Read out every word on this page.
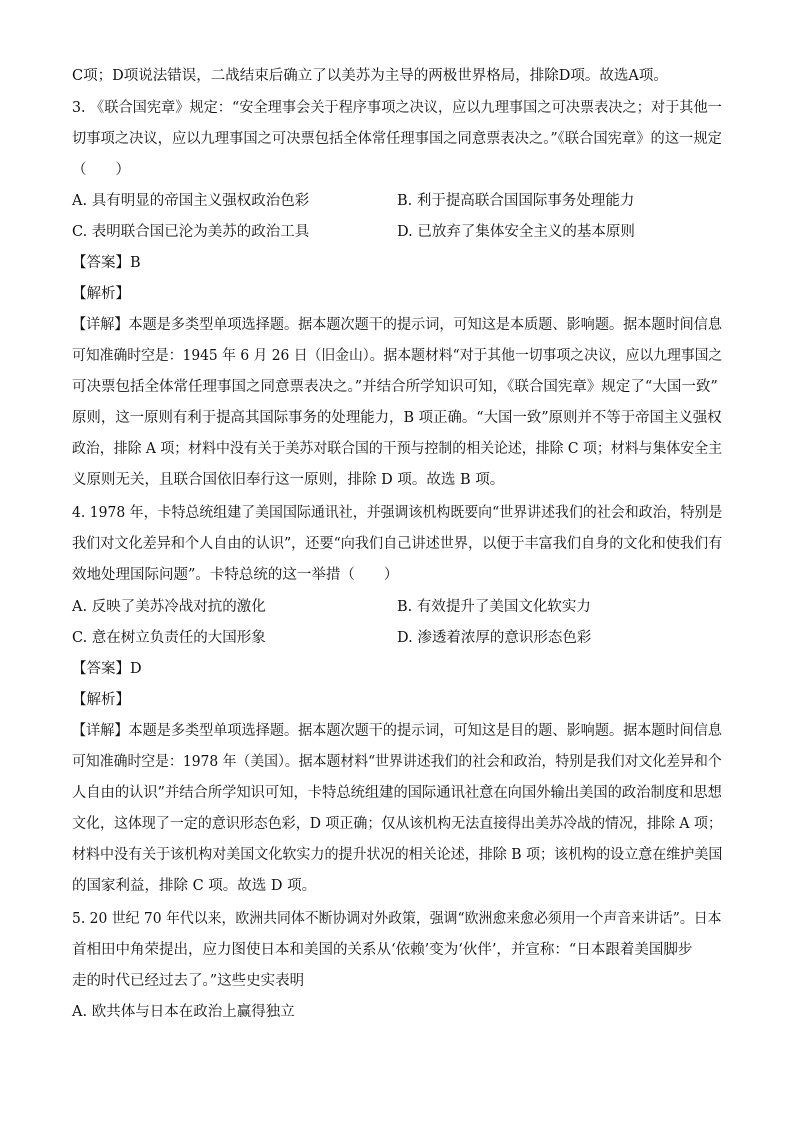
C项；D项说法错误，二战结束后确立了以美苏为主导的两极世界格局，排除D项。故选A项。
3. 《联合国宪章》规定：“安全理事会关于程序事项之决议，应以九理事国之可决票表决之；对于其他一
切事项之决议，应以九理事国之可决票包括全体常任理事国之同意票表决之。”《联合国宪章》的这一规定
（　　）
A. 具有明显的帝国主义强权政治色彩	B. 利于提高联合国国际事务处理能力
C. 表明联合国已沦为美苏的政治工具	D. 已放弃了集体安全主义的基本原则
【答案】B
【解析】
【详解】本题是多类型单项选择题。据本题次题干的提示词，可知这是本质题、影响题。据本题时间信息
可知准确时空是：1945 年 6 月 26 日（旧金山）。据本题材料“对于其他一切事项之决议，应以九理事国之
可决票包括全体常任理事国之同意票表决之。”并结合所学知识可知，《联合国宪章》规定了“大国一致”
原则，这一原则有利于提高其国际事务的处理能力，B 项正确。“大国一致”原则并不等于帝国主义强权
政治，排除 A 项；材料中没有关于美苏对联合国的干预与控制的相关论述，排除 C 项；材料与集体安全主
义原则无关，且联合国依旧奉行这一原则，排除 D 项。故选 B 项。
4. 1978 年，卡特总统组建了美国国际通讯社，并强调该机构既要向“世界讲述我们的社会和政治，特别是
我们对文化差异和个人自由的认识”，还要“向我们自己讲述世界，以便于丰富我们自身的文化和使我们有
效地处理国际问题”。卡特总统的这一举措（　　）
A. 反映了美苏冷战对抗的激化	B. 有效提升了美国文化软实力
C. 意在树立负责任的大国形象	D. 渗透着浓厚的意识形态色彩
【答案】D
【解析】
【详解】本题是多类型单项选择题。据本题次题干的提示词，可知这是目的题、影响题。据本题时间信息
可知准确时空是：1978 年（美国）。据本题材料“世界讲述我们的社会和政治，特别是我们对文化差异和个
人自由的认识”并结合所学知识可知，卡特总统组建的国际通讯社意在向国外输出美国的政治制度和思想
文化，这体现了一定的意识形态色彩，D 项正确；仅从该机构无法直接得出美苏冷战的情况，排除 A 项；
材料中没有关于该机构对美国文化软实力的提升状况的相关论述，排除 B 项；该机构的设立意在维护美国
的国家利益，排除 C 项。故选 D 项。
5. 20 世纪 70 年代以来，欧洲共同体不断协调对外政策，强调“欧洲愈来愈必须用一个声音来讲话”。日本
首相田中角荣提出，应力图使日本和美国的关系从‘依赖’变为‘伙伴’，并宣称：“日本跟着美国脚步
走的时代已经过去了。”这些史实表明
A. 欧共体与日本在政治上赢得独立
